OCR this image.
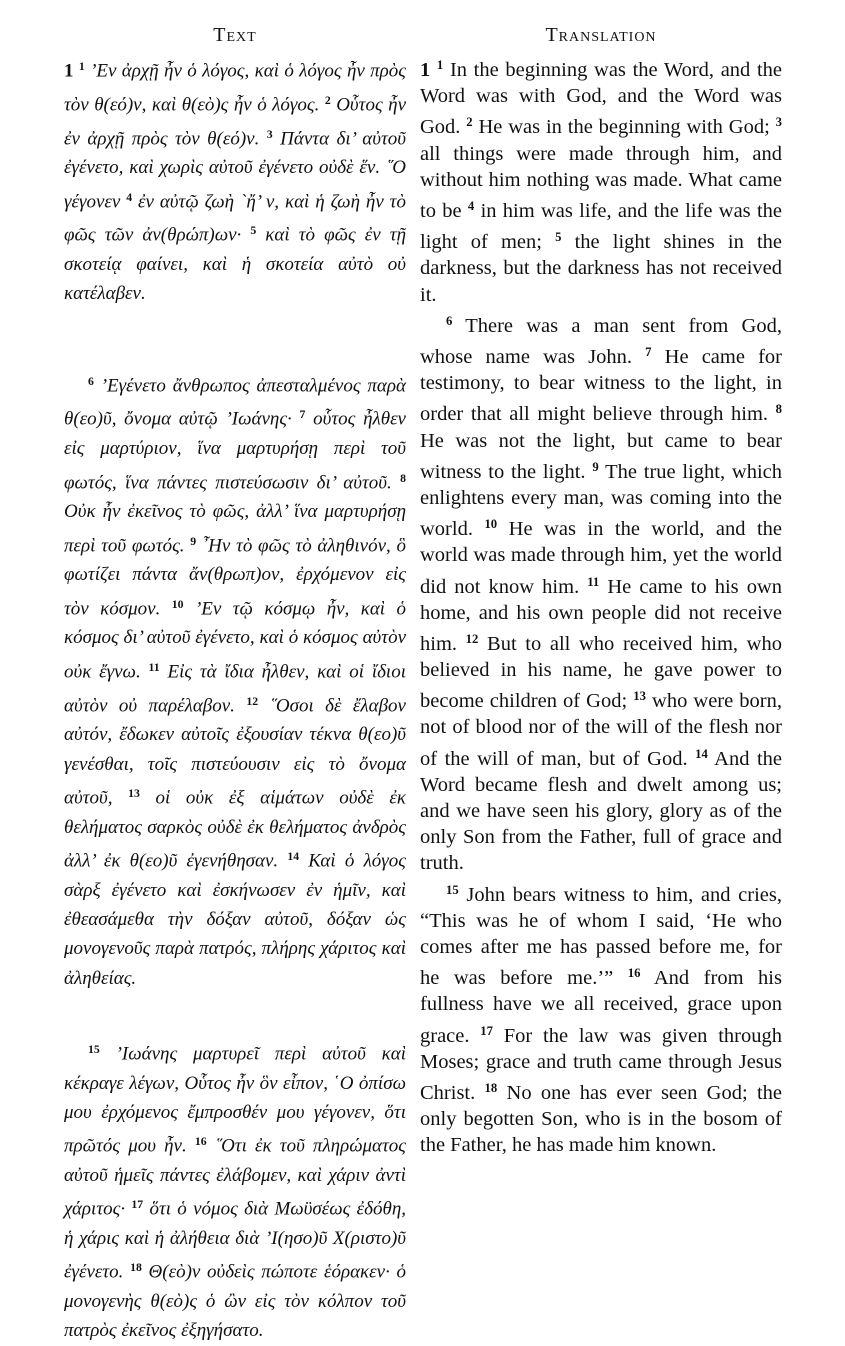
Text

1 $^1$ ’Εν ἀρχῇ ἦν ὁ λόγος, καὶ ὁ λόγος ἦν πρὸς τὸν θ(εό)ν, καὶ θ(εὸ)ς ἦν ὁ λόγος. $^2$ Οὗτος ἦν ἐν ἀρχῇ πρὸς τὸν θ(εό)ν. $^3$ Πάντα δι’ αὐτοῦ ἐγένετο, καὶ χωρὶς αὐτοῦ ἐγένετο οὐδὲ ἕν. ῞Ο γέγονεν $^4$ ἐν αὐτῷ ζωὴ `ἤ’ ν, καὶ ἡ ζωὴ ἦν τὸ φῶς τῶν ἀν(θρώπ)ων· $^5$ καὶ τὸ φῶς ἐν τῇ σκοτείᾳ φαίνει, καὶ ἡ σκοτεία αὐτὸ οὐ κατέλαβεν.

$^6$ ’Εγένετο ἄνθρωπος ἀπεσταλμένος παρὰ θ(εο)ῦ, ὄνομα αὐτῷ ’Ιωάνης· $^7$ οὗτος ἦλθεν εἰς μαρτύριον, ἵνα μαρτυρήσῃ περὶ τοῦ φωτός, ἵνα πάντες πιστεύσωσιν δι’ αὐτοῦ. $^8$ Οὐκ ἦν ἐκεῖνος τὸ φῶς, ἀλλ’ ἵνα μαρτυρήσῃ περὶ τοῦ φωτός. $^9$ ῏Ην τὸ φῶς τὸ ἀληθινόν, ὃ φωτίζει πάντα ἄν(θρωπ)ον, ἐρχόμενον εἰς τὸν κόσμον. $^{10}$ ’Εν τῷ κόσμῳ ἦν, καὶ ὁ κόσμος δι’ αὐτοῦ ἐγένετο, καὶ ὁ κόσμος αὐτὸν οὐκ ἔγνω. $^{11}$ Εἰς τὰ ἴδια ἦλθεν, καὶ οἱ ἴδιοι αὐτὸν οὐ παρέλαβον. $^{12}$ ῞Οσοι δὲ ἔλαβον αὐτόν, ἔδωκεν αὐτοῖς ἐξουσίαν τέκνα θ(εο)ῦ γενέσθαι, τοῖς πιστεύουσιν εἰς τὸ ὄνομα αὐτοῦ, $^{13}$ οἱ οὐκ ἐξ αἱμάτων οὐδὲ ἐκ θελήματος σαρκὸς οὐδὲ ἐκ θελήματος ἀνδρὸς ἀλλ’ ἐκ θ(εο)ῦ ἐγενήθησαν. $^{14}$ Καὶ ὁ λόγος σὰρξ ἐγένετο καὶ ἐσκήνωσεν ἐν ἡμῖν, καὶ ἐθεασάμεθα τὴν δόξαν αὐτοῦ, δόξαν ὡς μονογενοῦς παρὰ πατρός, πλήρης χάριτος καὶ ἀληθείας.

$^{15}$ ’Ιωάνης μαρτυρεῖ περὶ αὐτοῦ καὶ κέκραγε λέγων, Οὗτος ἦν ὃν εἶπον, ῾Ο ὀπίσω μου ἐρχόμενος ἔμπροσθέν μου γέγονεν, ὅτι πρῶτός μου ἦν. $^{16}$ ῞Οτι ἐκ τοῦ πληρώματος αὐτοῦ ἡμεῖς πάντες ἐλάβομεν, καὶ χάριν ἀντὶ χάριτος· $^{17}$ ὅτι ὁ νόμος διὰ Μωϋσέως ἐδόθη, ἡ χάρις καὶ ἡ ἀλήθεια διὰ ’Ι(ησο)ῦ Χ(ριστο)ῦ ἐγένετο. $^{18}$ Θ(εὸ)ν οὐδεὶς πώποτε ἑόρακεν· ὁ μονογενὴς θ(εὸ)ς ὁ ὢν εἰς τὸν κόλπον τοῦ πατρὸς ἐκεῖνος ἐξηγήσατο.

Translation

1 $^1$ In the beginning was the Word, and the Word was with God, and the Word was God. $^2$ He was in the beginning with God; $^3$ all things were made through him, and without him nothing was made. What came to be $^4$ in him was life, and the life was the light of men; $^5$ the light shines in the darkness, but the darkness has not received it.

$^6$ There was a man sent from God, whose name was John. $^7$ He came for testimony, to bear witness to the light, in order that all might believe through him. $^8$ He was not the light, but came to bear witness to the light. $^9$ The true light, which enlightens every man, was coming into the world. $^{10}$ He was in the world, and the world was made through him, yet the world did not know him. $^{11}$ He came to his own home, and his own people did not receive him. $^{12}$ But to all who received him, who believed in his name, he gave power to become children of God; $^{13}$ who were born, not of blood nor of the will of the flesh nor of the will of man, but of God. $^{14}$ And the Word became flesh and dwelt among us; and we have seen his glory, glory as of the only Son from the Father, full of grace and truth.

$^{15}$ John bears witness to him, and cries, “This was he of whom I said, ‘He who comes after me has passed before me, for he was before me.’” $^{16}$ And from his fullness have we all received, grace upon grace. $^{17}$ For the law was given through Moses; grace and truth came through Jesus Christ. $^{18}$ No one has ever seen God; the only begotten Son, who is in the bosom of the Father, he has made him known.
